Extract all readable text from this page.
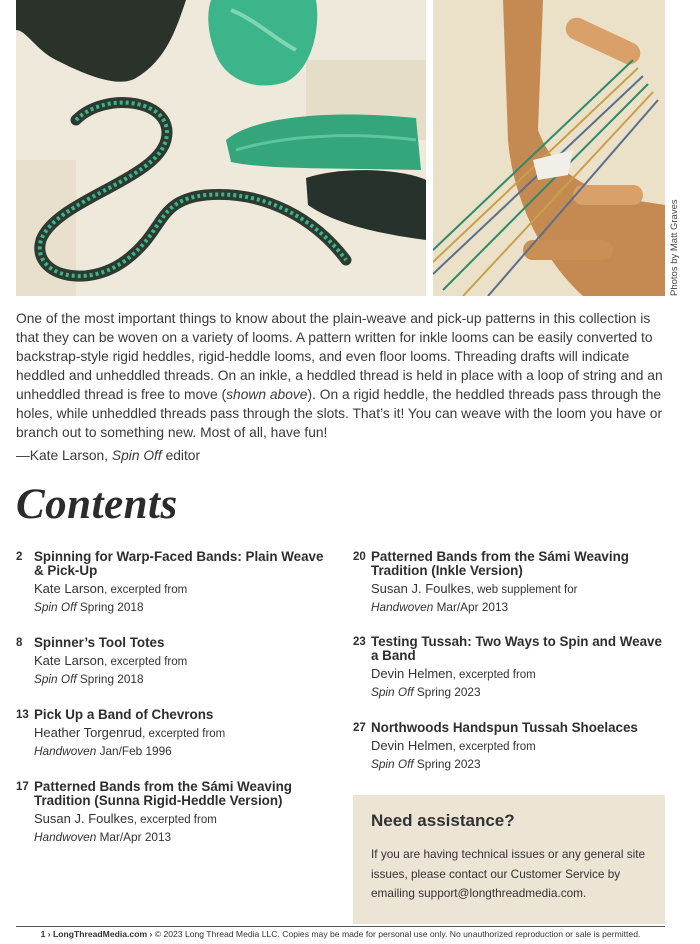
Photos by Matt Graves

One of the most important things to know about the plain-weave and pick-up patterns in this collection is that they can be woven on a variety of looms. A pattern written for inkle looms can be easily converted to backstrap-style rigid heddles, rigid-heddle looms, and even floor looms. Threading drafts will indicate heddled and unheddled threads. On an inkle, a heddled thread is held in place with a loop of string and an unheddled thread is free to move (shown above). On a rigid heddle, the heddled threads pass through the holes, while unheddled threads pass through the slots. That’s it! You can weave with the loom you have or branch out to something new. Most of all, have fun!

—Kate Larson, Spin Off editor

Contents
2 Spinning for Warp-Faced Bands: Plain Weave & Pick-Up
Kate Larson, excerpted from
Spin Off Spring 2018
8 Spinner’s Tool Totes
Kate Larson, excerpted from
Spin Off Spring 2018
13 Pick Up a Band of Chevrons
Heather Torgenrud, excerpted from
Handwoven Jan/Feb 1996
17 Patterned Bands from the Sámi Weaving Tradition (Sunna Rigid-Heddle Version)
Susan J. Foulkes, excerpted from
Handwoven Mar/Apr 2013
20 Patterned Bands from the Sámi Weaving Tradition (Inkle Version)
Susan J. Foulkes, web supplement for
Handwoven Mar/Apr 2013
23 Testing Tussah: Two Ways to Spin and Weave a Band
Devin Helmen, excerpted from
Spin Off Spring 2023
27 Northwoods Handspun Tussah Shoelaces
Devin Helmen, excerpted from
Spin Off Spring 2023
Need assistance?

If you are having technical issues or any general site issues, please contact our Customer Service by emailing support@longthreadmedia.com.

1 › LongThreadMedia.com › © 2023 Long Thread Media LLC. Copies may be made for personal use only. No unauthorized reproduction or sale is permitted.
